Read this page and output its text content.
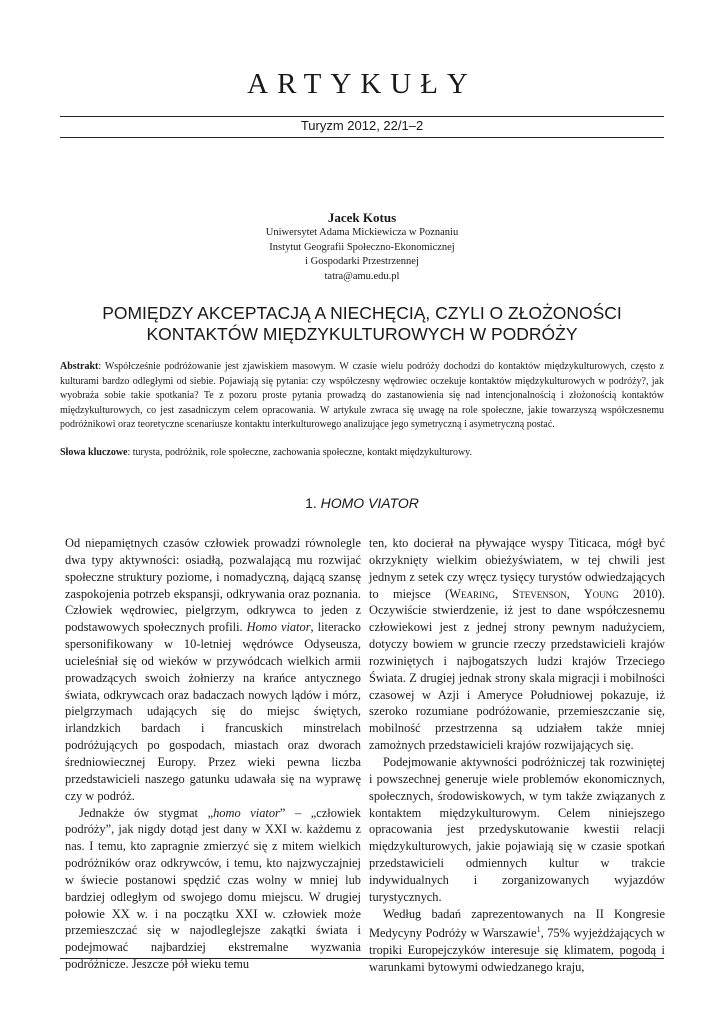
ARTYKUŁY
Turyzm 2012, 22/1–2
Jacek Kotus
Uniwersytet Adama Mickiewicza w Poznaniu
Instytut Geografii Społeczno-Ekonomicznej
i Gospodarki Przestrzennej
tatra@amu.edu.pl
POMIĘDZY AKCEPTACJĄ A NIECHĘCIĄ, CZYLI O ZŁOŻONOŚCI
KONTAKTÓW MIĘDZYKULTUROWYCH W PODRÓŻY
Abstrakt: Współcześnie podróżowanie jest zjawiskiem masowym. W czasie wielu podróży dochodzi do kontaktów międzykulturowych, często z kulturami bardzo odległymi od siebie. Pojawiają się pytania: czy współczesny wędrowiec oczekuje kontaktów międzykulturowych w podróży?, jak wyobraża sobie takie spotkania? Te z pozoru proste pytania prowadzą do zastanowienia się nad intencjonalnością i złożonością kontaktów międzykulturowych, co jest zasadniczym celem opracowania. W artykule zwraca się uwagę na role społeczne, jakie towarzyszą współczesnemu podróżnikowi oraz teoretyczne scenariusze kontaktu interkulturowego analizujące jego symetryczną i asymetryczną postać.
Słowa kluczowe: turysta, podróżnik, role społeczne, zachowania społeczne, kontakt międzykulturowy.
1. HOMO VIATOR

Od niepamiętnych czasów człowiek prowadzi równolegle dwa typy aktywności: osiadłą, pozwalającą mu rozwijać społeczne struktury poziome, i nomadyczną, dającą szansę zaspokojenia potrzeb ekspansji, odkrywania oraz poznania. Człowiek wędrowiec, pielgrzym, odkrywca to jeden z podstawowych społecznych profili. Homo viator, literacko spersonifikowany w 10-letniej wędrówce Odyseusza, ucieleśniał się od wieków w przywódcach wielkich armii prowadzących swoich żołnierzy na krańce antycznego świata, odkrywcach oraz badaczach nowych lądów i mórz, pielgrzymach udających się do miejsc świętych, irlandzkich bardach i francuskich minstrelach podróżujących po gospodach, miastach oraz dworach średniowiecznej Europy. Przez wieki pewna liczba przedstawicieli naszego gatunku udawała się na wyprawę czy w podróż.

Jednakże ów stygmat „homo viator” – „człowiek podróży”, jak nigdy dotąd jest dany w XXI w. każdemu z nas. I temu, kto zapragnie zmierzyć się z mitem wielkich podróżników oraz odkrywców, i temu, kto najzwyczajniej w świecie postanowi spędzić czas wolny w mniej lub bardziej odległym od swojego domu miejscu. W drugiej połowie XX w. i na początku XXI w. człowiek może przemieszczać się w najodleglejsze zakątki świata i podejmować najbardziej ekstremalne wyzwania podróżnicze. Jeszcze pół wieku temu

ten, kto docierał na pływające wyspy Titicaca, mógł być okrzyknięty wielkim obieżyświatem, w tej chwili jest jednym z setek czy wręcz tysięcy turystów odwiedzających to miejsce (Wearing, Stevenson, Young 2010). Oczywiście stwierdzenie, iż jest to dane współczesnemu człowiekowi jest z jednej strony pewnym nadużyciem, dotyczy bowiem w gruncie rzeczy przedstawicieli krajów rozwiniętych i najbogatszych ludzi krajów Trzeciego Świata. Z drugiej jednak strony skala migracji i mobilności czasowej w Azji i Ameryce Południowej pokazuje, iż szeroko rozumiane podróżowanie, przemieszczanie się, mobilność przestrzenna są udziałem także mniej zamożnych przedstawicieli krajów rozwijających się.

Podejmowanie aktywności podróżniczej tak rozwiniętej i powszechnej generuje wiele problemów ekonomicznych, społecznych, środowiskowych, w tym także związanych z kontaktem międzykulturowym. Celem niniejszego opracowania jest przedyskutowanie kwestii relacji międzykulturowych, jakie pojawiają się w czasie spotkań przedstawicieli odmiennych kultur w trakcie indywidualnych i zorganizowanych wyjazdów turystycznych.

Według badań zaprezentowanych na II Kongresie Medycyny Podróży w Warszawie$^1$, 75% wyjeżdżających w tropiki Europejczyków interesuje się klimatem, pogodą i warunkami bytowymi odwiedzanego kraju,
